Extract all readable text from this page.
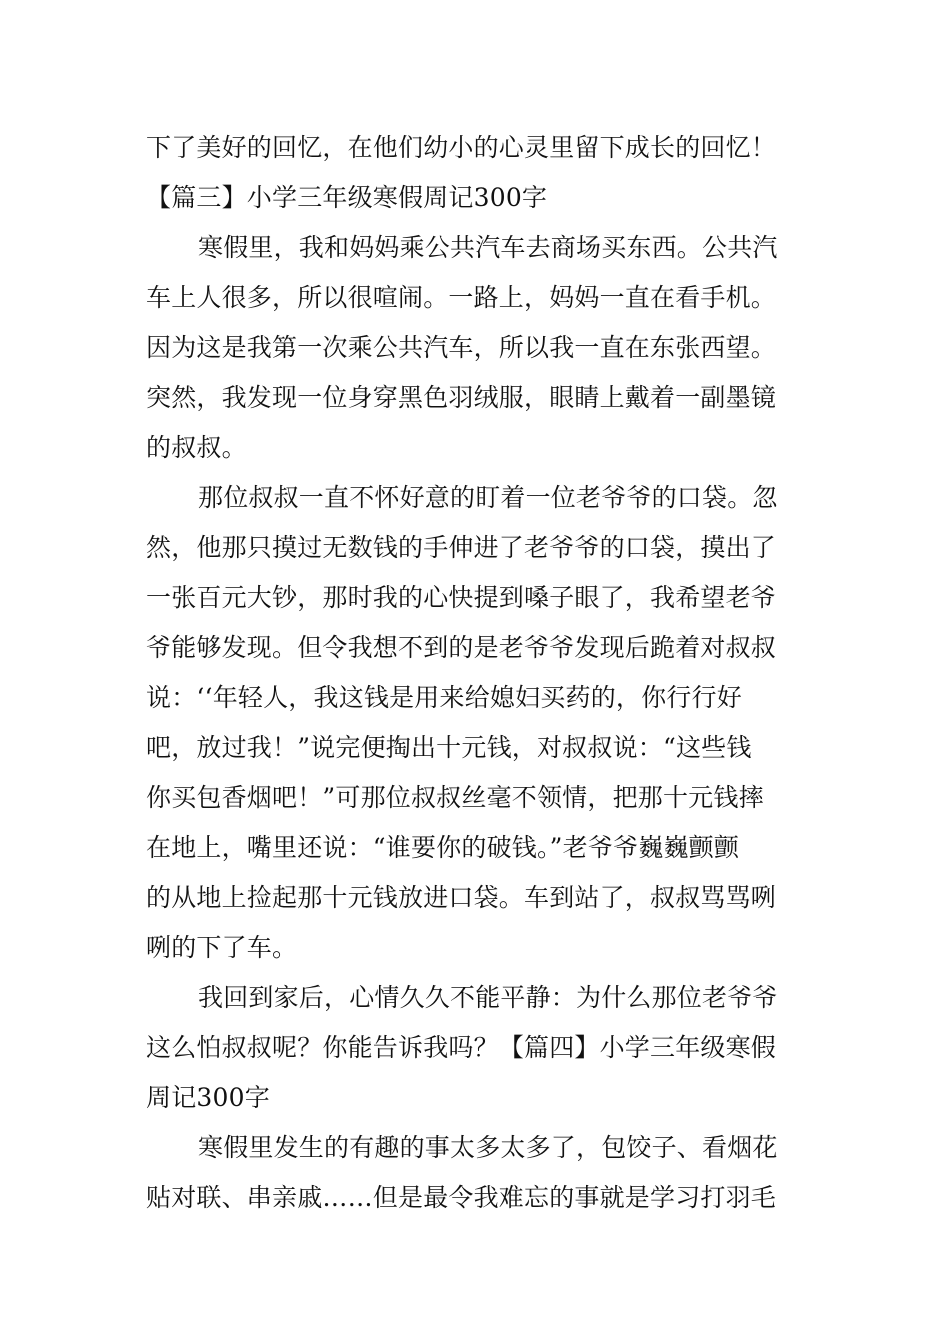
下了美好的回忆，在他们幼小的心灵里留下成长的回忆！
【篇三】小学三年级寒假周记300字
寒假里，我和妈妈乘公共汽车去商场买东西。公共汽
车上人很多，所以很喧闹。一路上，妈妈一直在看手机。
因为这是我第一次乘公共汽车，所以我一直在东张西望。
突然，我发现一位身穿黑色羽绒服，眼睛上戴着一副墨镜
的叔叔。
那位叔叔一直不怀好意的盯着一位老爷爷的口袋。忽
然，他那只摸过无数钱的手伸进了老爷爷的口袋，摸出了
一张百元大钞，那时我的心快提到嗓子眼了，我希望老爷
爷能够发现。但令我想不到的是老爷爷发现后跪着对叔叔
说：‘‘年轻人，我这钱是用来给媳妇买药的，你行行好
吧，放过我！”说完便掏出十元钱，对叔叔说：“这些钱
你买包香烟吧！”可那位叔叔丝毫不领情，把那十元钱摔
在地上，嘴里还说：“谁要你的破钱。”老爷爷巍巍颤颤
的从地上捡起那十元钱放进口袋。车到站了，叔叔骂骂咧
咧的下了车。
我回到家后，心情久久不能平静：为什么那位老爷爷
这么怕叔叔呢？你能告诉我吗？【篇四】小学三年级寒假
周记300字
寒假里发生的有趣的事太多太多了，包饺子、看烟花
贴对联、串亲戚……但是最令我难忘的事就是学习打羽毛
